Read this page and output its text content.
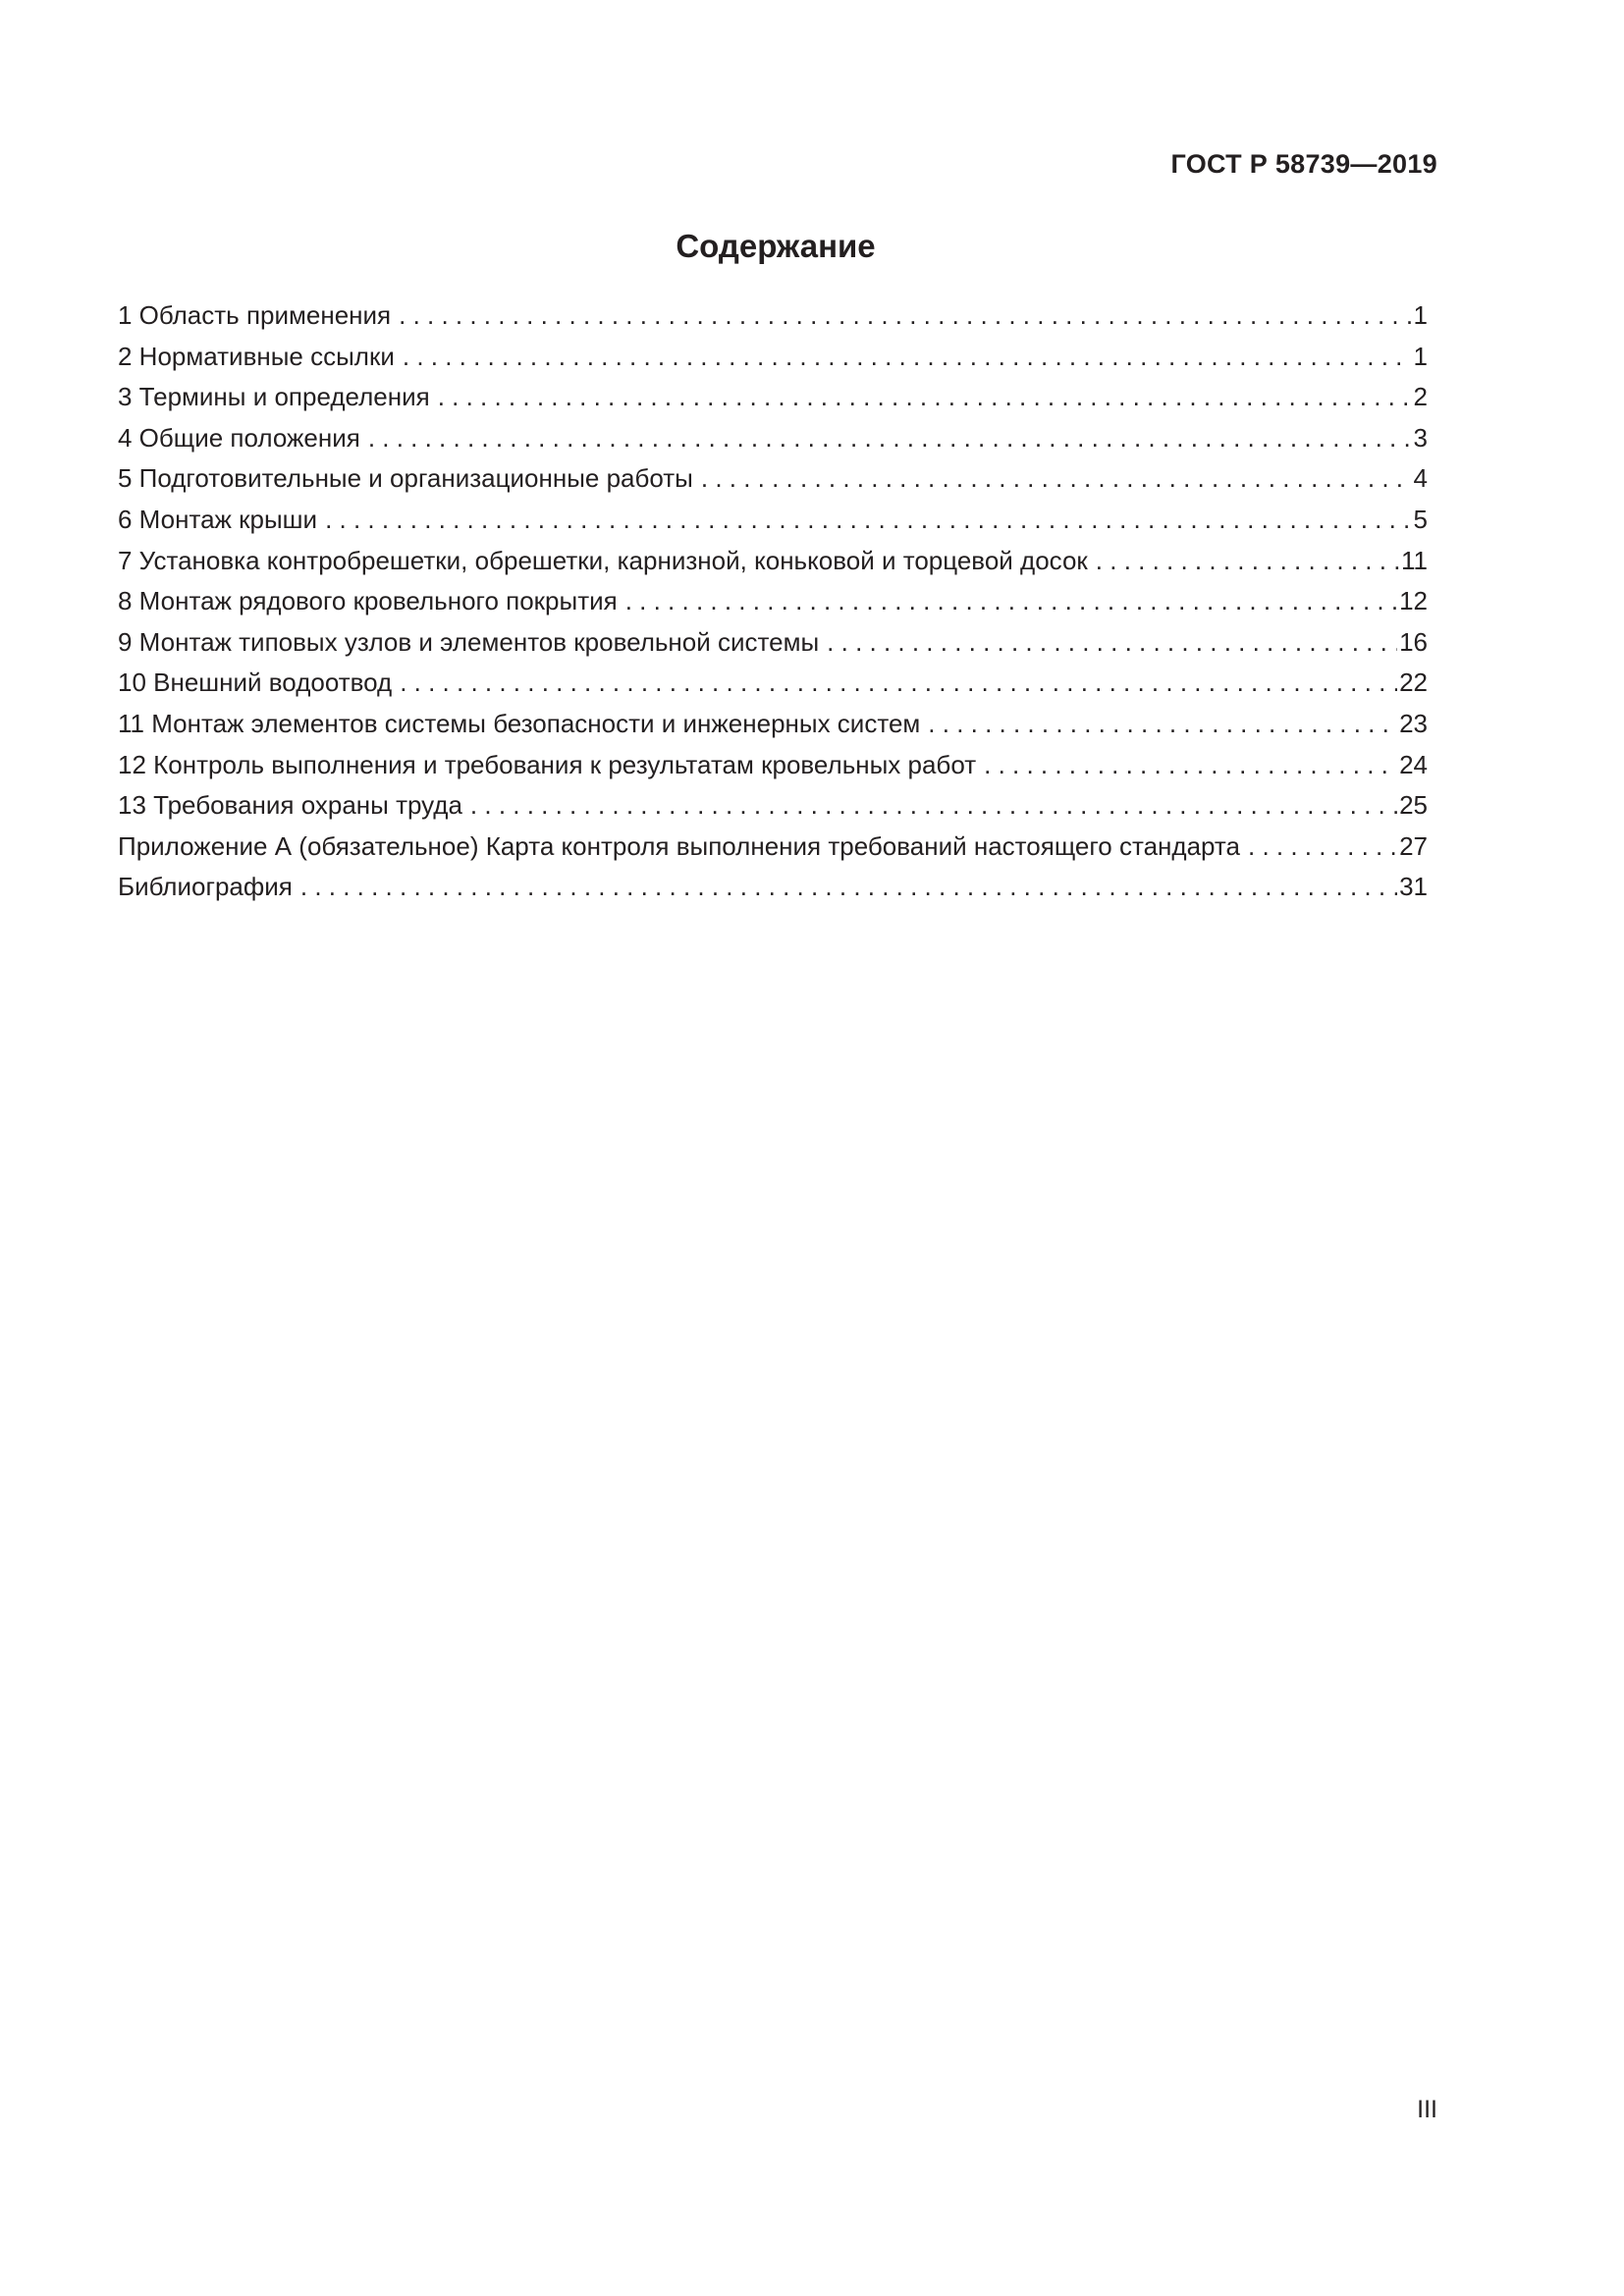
ГОСТ Р 58739—2019
Содержание
1 Область применения . . .	1
2 Нормативные ссылки . . .	1
3 Термины и определения . . .	2
4 Общие положения . . .	3
5 Подготовительные и организационные работы . . .	4
6 Монтаж крыши . . .	5
7 Установка контробрешетки, обрешетки, карнизной, коньковой и торцевой досок . . .	11
8 Монтаж рядового кровельного покрытия . . .	12
9 Монтаж типовых узлов и элементов кровельной системы . . .	16
10 Внешний водоотвод . . .	22
11 Монтаж элементов системы безопасности и инженерных систем . . .	23
12 Контроль выполнения и требования к результатам кровельных работ . . .	24
13 Требования охраны труда . . .	25
Приложение А (обязательное) Карта контроля выполнения требований настоящего стандарта . . .	27
Библиография . . .	31
III
